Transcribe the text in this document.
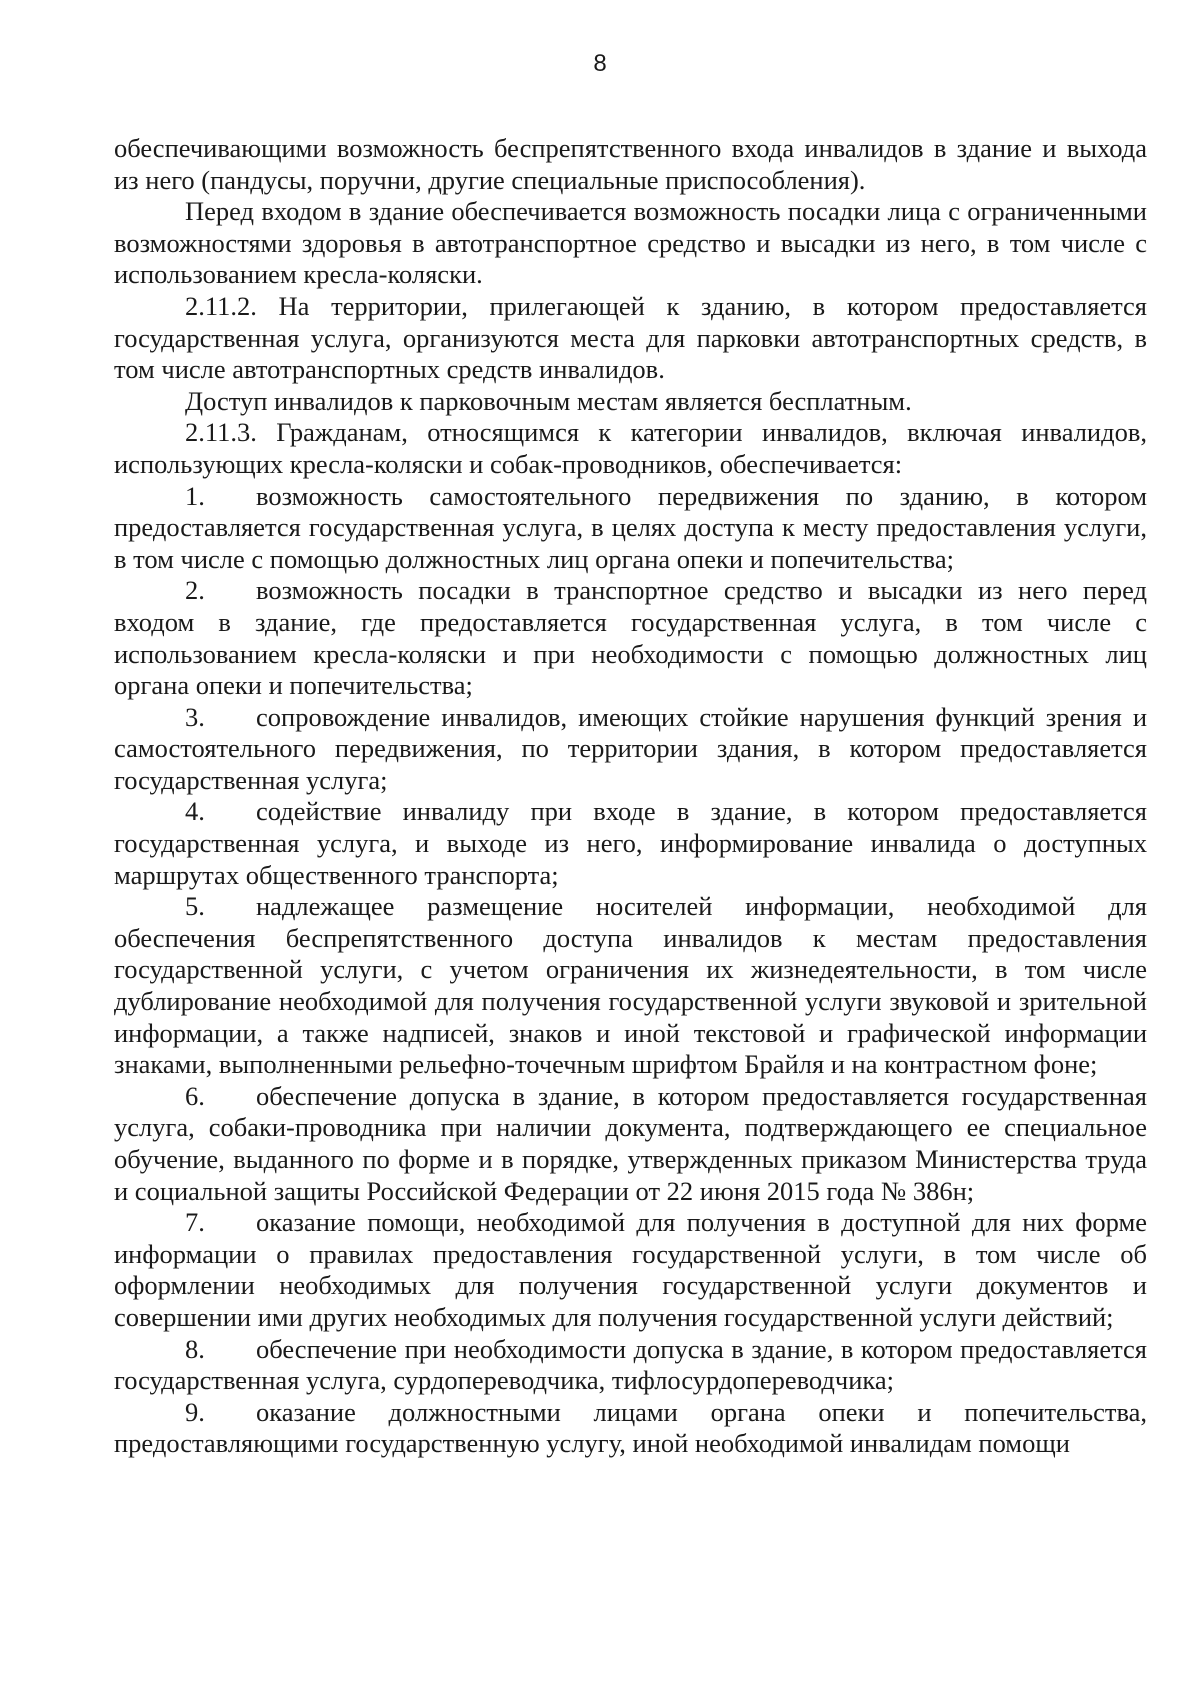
8

обеспечивающими возможность беспрепятственного входа инвалидов в здание и выхода из него (пандусы, поручни, другие специальные приспособления).

Перед входом в здание обеспечивается возможность посадки лица с ограниченными возможностями здоровья в автотранспортное средство и высадки из него, в том числе с использованием кресла-коляски.

2.11.2. На территории, прилегающей к зданию, в котором предоставляется государственная услуга, организуются места для парковки автотранспортных средств, в том числе автотранспортных средств инвалидов.

Доступ инвалидов к парковочным местам является бесплатным.

2.11.3. Гражданам, относящимся к категории инвалидов, включая инвалидов, использующих кресла-коляски и собак-проводников, обеспечивается:

1. возможность самостоятельного передвижения по зданию, в котором предоставляется государственная услуга, в целях доступа к месту предоставления услуги, в том числе с помощью должностных лиц органа опеки и попечительства;

2. возможность посадки в транспортное средство и высадки из него перед входом в здание, где предоставляется государственная услуга, в том числе с использованием кресла-коляски и при необходимости с помощью должностных лиц органа опеки и попечительства;

3. сопровождение инвалидов, имеющих стойкие нарушения функций зрения и самостоятельного передвижения, по территории здания, в котором предоставляется государственная услуга;

4. содействие инвалиду при входе в здание, в котором предоставляется государственная услуга, и выходе из него, информирование инвалида о доступных маршрутах общественного транспорта;

5. надлежащее размещение носителей информации, необходимой для обеспечения беспрепятственного доступа инвалидов к местам предоставления государственной услуги, с учетом ограничения их жизнедеятельности, в том числе дублирование необходимой для получения государственной услуги звуковой и зрительной информации, а также надписей, знаков и иной текстовой и графической информации знаками, выполненными рельефно-точечным шрифтом Брайля и на контрастном фоне;

6. обеспечение допуска в здание, в котором предоставляется государственная услуга, собаки-проводника при наличии документа, подтверждающего ее специальное обучение, выданного по форме и в порядке, утвержденных приказом Министерства труда и социальной защиты Российской Федерации от 22 июня 2015 года № 386н;

7. оказание помощи, необходимой для получения в доступной для них форме информации о правилах предоставления государственной услуги, в том числе об оформлении необходимых для получения государственной услуги документов и совершении ими других необходимых для получения государственной услуги действий;

8. обеспечение при необходимости допуска в здание, в котором предоставляется государственная услуга, сурдопереводчика, тифлосурдопереводчика;

9. оказание должностными лицами органа опеки и попечительства, предоставляющими государственную услугу, иной необходимой инвалидам помощи
